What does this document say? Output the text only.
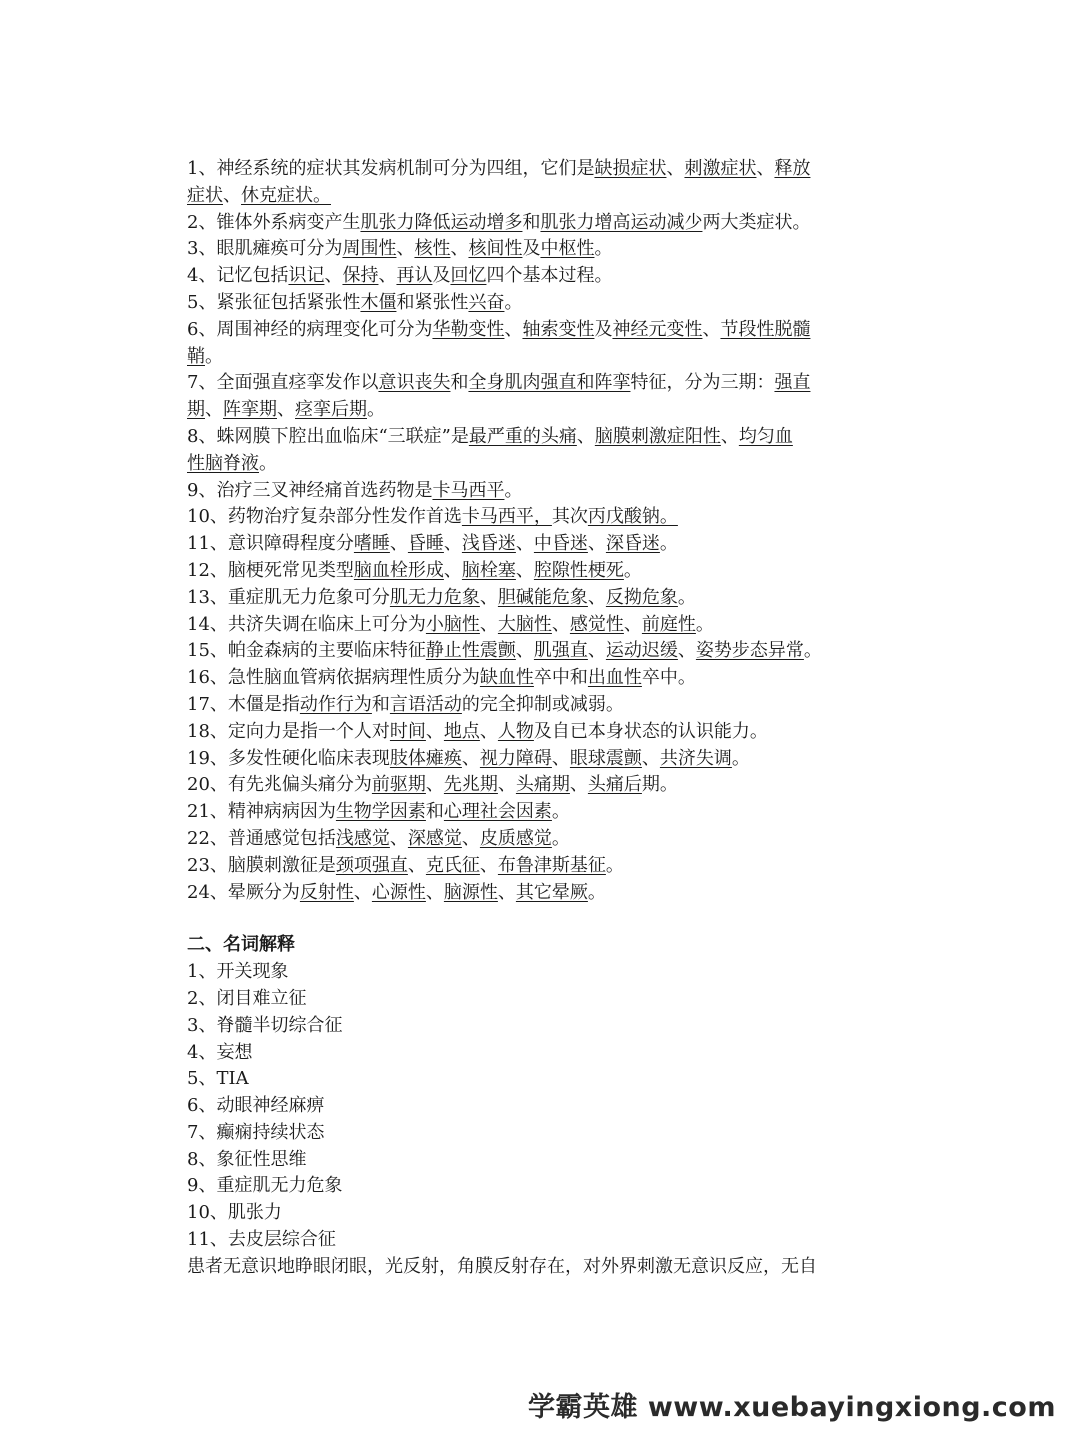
1、神经系统的症状其发病机制可分为四组，它们是缺损症状、刺激症状、释放
症状、休克症状。
2、锥体外系病变产生肌张力降低运动增多和肌张力增高运动减少两大类症状。
3、眼肌瘫痪可分为周围性、核性、核间性及中枢性。
4、记忆包括识记、保持、再认及回忆四个基本过程。
5、紧张征包括紧张性木僵和紧张性兴奋。
6、周围神经的病理变化可分为华勒变性、轴索变性及神经元变性、节段性脱髓
鞘。
7、全面强直痉挛发作以意识丧失和全身肌肉强直和阵挛特征，分为三期：强直
期、阵挛期、痉挛后期。
8、蛛网膜下腔出血临床“三联症”是最严重的头痛、脑膜刺激症阳性、均匀血
性脑脊液。
9、治疗三叉神经痛首选药物是卡马西平。
10、药物治疗复杂部分性发作首选卡马西平，其次丙戊酸钠。
11、意识障碍程度分嗜睡、昏睡、浅昏迷、中昏迷、深昏迷。
12、脑梗死常见类型脑血栓形成、脑栓塞、腔隙性梗死。
13、重症肌无力危象可分肌无力危象、胆碱能危象、反拗危象。
14、共济失调在临床上可分为小脑性、大脑性、感觉性、前庭性。
15、帕金森病的主要临床特征静止性震颤、肌强直、运动迟缓、姿势步态异常。
16、急性脑血管病依据病理性质分为缺血性卒中和出血性卒中。
17、木僵是指动作行为和言语活动的完全抑制或减弱。
18、定向力是指一个人对时间、地点、人物及自已本身状态的认识能力。
19、多发性硬化临床表现肢体瘫痪、视力障碍、眼球震颤、共济失调。
20、有先兆偏头痛分为前驱期、先兆期、头痛期、头痛后期。
21、精神病病因为生物学因素和心理社会因素。
22、普通感觉包括浅感觉、深感觉、皮质感觉。
23、脑膜刺激征是颈项强直、克氏征、布鲁津斯基征。
24、晕厥分为反射性、心源性、脑源性、其它晕厥。
二、名词解释
1、开关现象
2、闭目难立征
3、脊髓半切综合征
4、妄想
5、TIA
6、动眼神经麻痹
7、癫痫持续状态
8、象征性思维
9、重症肌无力危象
10、肌张力
11、去皮层综合征
患者无意识地睁眼闭眼，光反射，角膜反射存在，对外界刺激无意识反应，无自
学霸英雄 www.xuebayingxiong.com
